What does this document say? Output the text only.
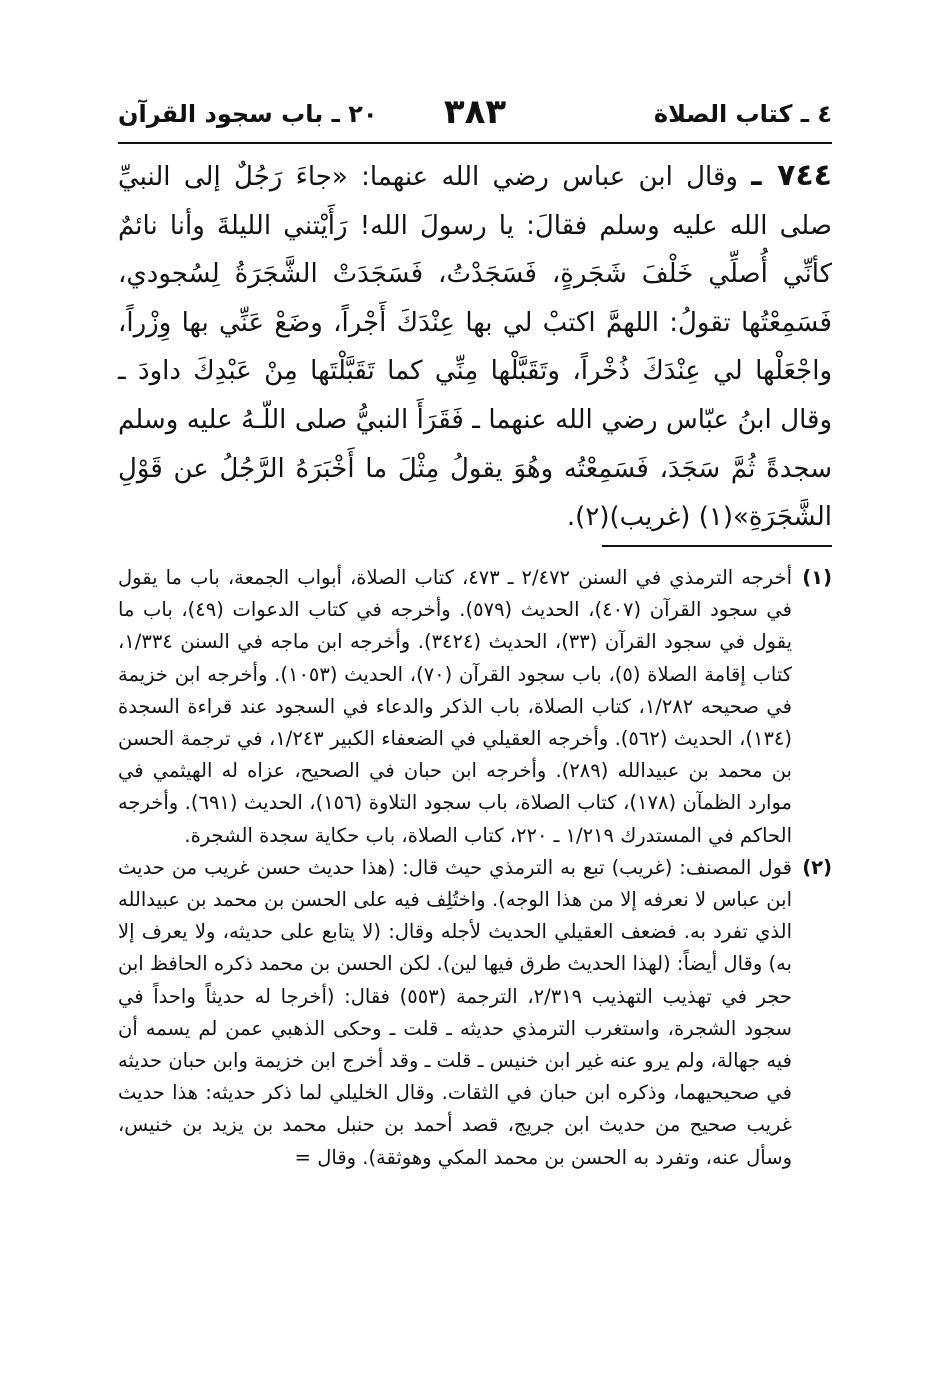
٤ ـ كتاب الصلاة
٣٨٣
٢٠ ـ باب سجود القرآن
٧٤٤ ـ وقال ابن عباس رضي الله عنهما: «جاءَ رَجُلٌ إلى النبيِّ صلى الله عليه وسلم فقالَ: يا رسولَ الله! رَأَيْتني الليلةَ وأنا نائمٌ كأنِّي أُصلِّي خَلْفَ شَجَرةٍ، فَسَجَدْتُ، فَسَجَدَتْ الشَّجَرَةُ لِسُجودي، فَسَمِعْتُها تقولُ: اللهمَّ اكتبْ لي بها عِنْدَكَ أَجْراً، وضَعْ عَنِّي بها وِزْراً، واجْعَلْها لي عِنْدَكَ ذُخْراً، وتَقَبَّلْها مِنِّي كما تَقَبَّلْتَها مِنْ عَبْدِكَ داودَ ـ وقال ابنُ عبّاس رضي الله عنهما ـ فَقَرَأَ النبيُّ صلى اللّـهُ عليه وسلم سجدةً ثُمَّ سَجَدَ، فَسَمِعْتُه وهُوَ يقولُ مِثْلَ ما أَخْبَرَهُ الرَّجُلُ عن قَوْلِ الشَّجَرَةِ»(١) (غريب)(٢).
(١)
أخرجه الترمذي في السنن ٢/٤٧٢ ـ ٤٧٣، كتاب الصلاة، أبواب الجمعة، باب ما يقول في سجود القرآن (٤٠٧)، الحديث (٥٧٩). وأخرجه في كتاب الدعوات (٤٩)، باب ما يقول في سجود القرآن (٣٣)، الحديث (٣٤٢٤). وأخرجه ابن ماجه في السنن ١/٣٣٤، كتاب إقامة الصلاة (٥)، باب سجود القرآن (٧٠)، الحديث (١٠٥٣). وأخرجه ابن خزيمة في صحيحه ١/٢٨٢، كتاب الصلاة، باب الذكر والدعاء في السجود عند قراءة السجدة (١٣٤)، الحديث (٥٦٢). وأخرجه العقيلي في الضعفاء الكبير ١/٢٤٣، في ترجمة الحسن بن محمد بن عبيدالله (٢٨٩). وأخرجه ابن حبان في الصحيح، عزاه له الهيثمي في موارد الظمآن (١٧٨)، كتاب الصلاة، باب سجود التلاوة (١٥٦)، الحديث (٦٩١). وأخرجه الحاكم في المستدرك ١/٢١٩ ـ ٢٢٠، كتاب الصلاة، باب حكاية سجدة الشجرة.
(٢)
قول المصنف: (غريب) تبع به الترمذي حيث قال: (هذا حديث حسن غريب من حديث ابن عباس لا نعرفه إلا من هذا الوجه). واختُلِف فيه على الحسن بن محمد بن عبيدالله الذي تفرد به. فضعف العقيلي الحديث لأجله وقال: (لا يتابع على حديثه، ولا يعرف إلا به) وقال أيضاً: (لهذا الحديث طرق فيها لين). لكن الحسن بن محمد ذكره الحافظ ابن حجر في تهذيب التهذيب ٢/٣١٩، الترجمة (٥٥٣) فقال: (أخرجا له حديثاً واحداً في سجود الشجرة، واستغرب الترمذي حديثه ـ قلت ـ وحكى الذهبي عمن لم يسمه أن فيه جهالة، ولم يرو عنه غير ابن خنيس ـ قلت ـ وقد أخرج ابن خزيمة وابن حبان حديثه في صحيحيهما، وذكره ابن حبان في الثقات. وقال الخليلي لما ذكر حديثه: هذا حديث غريب صحيح من حديث ابن جريج، قصد أحمد بن حنبل محمد بن يزيد بن خنيس، وسأل عنه، وتفرد به الحسن بن محمد المكي وهوثقة). وقال =
